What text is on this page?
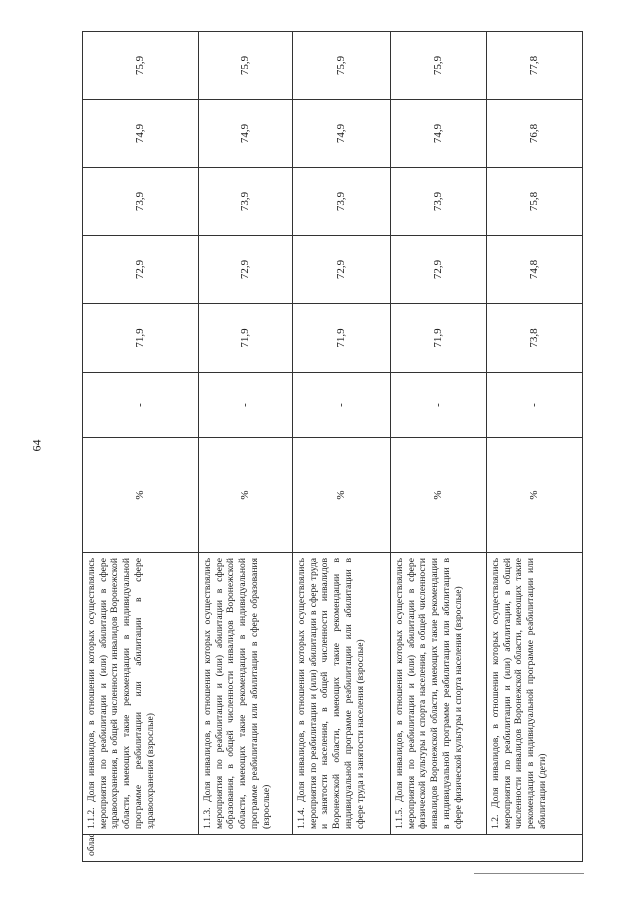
64
области	1.1.2. Доля инвалидов, в отношении которых осуществлялись мероприятия по реабилитации и (или) абилитации в сфере здравоохранения, в общей численности инвалидов Воронежской области, имеющих такие рекомендации в индивидуальной программе реабилитации или абилитации в сфере здравоохранения (взрослые)	%	-	71,9	72,9	73,9	74,9	75,9
	1.1.3. Доля инвалидов, в отношении которых осуществлялись мероприятия по реабилитации и (или) абилитации в сфере образования, в общей численности инвалидов Воронежской области, имеющих такие рекомендации в индивидуальной программе реабилитации или абилитации в сфере образования (взрослые)	%	-	71,9	72,9	73,9	74,9	75,9
	1.1.4. Доля инвалидов, в отношении которых осуществлялись мероприятия по реабилитации и (или) абилитации в сфере труда и занятости населения, в общей численности инвалидов Воронежской области, имеющих такие рекомендации в индивидуальной программе реабилитации или абилитации в сфере труда и занятости населения (взрослые)	%	-	71,9	72,9	73,9	74,9	75,9
	1.1.5. Доля инвалидов, в отношении которых осуществлялись мероприятия по реабилитации и (или) абилитации в сфере физической культуры и спорта населения, в общей численности инвалидов Воронежской области, имеющих такие рекомендации в индивидуальной программе реабилитации или абилитации в сфере физической культуры и спорта населения (взрослые)	%	-	71,9	72,9	73,9	74,9	75,9
	1.2. Доля инвалидов, в отношении которых осуществлялись мероприятия по реабилитации и (или) абилитации, в общей численности инвалидов Воронежской области, имеющих такие рекомендации в индивидуальной программе реабилитации или абилитации (дети)	%	-	73,8	74,8	75,8	76,8	77,8
